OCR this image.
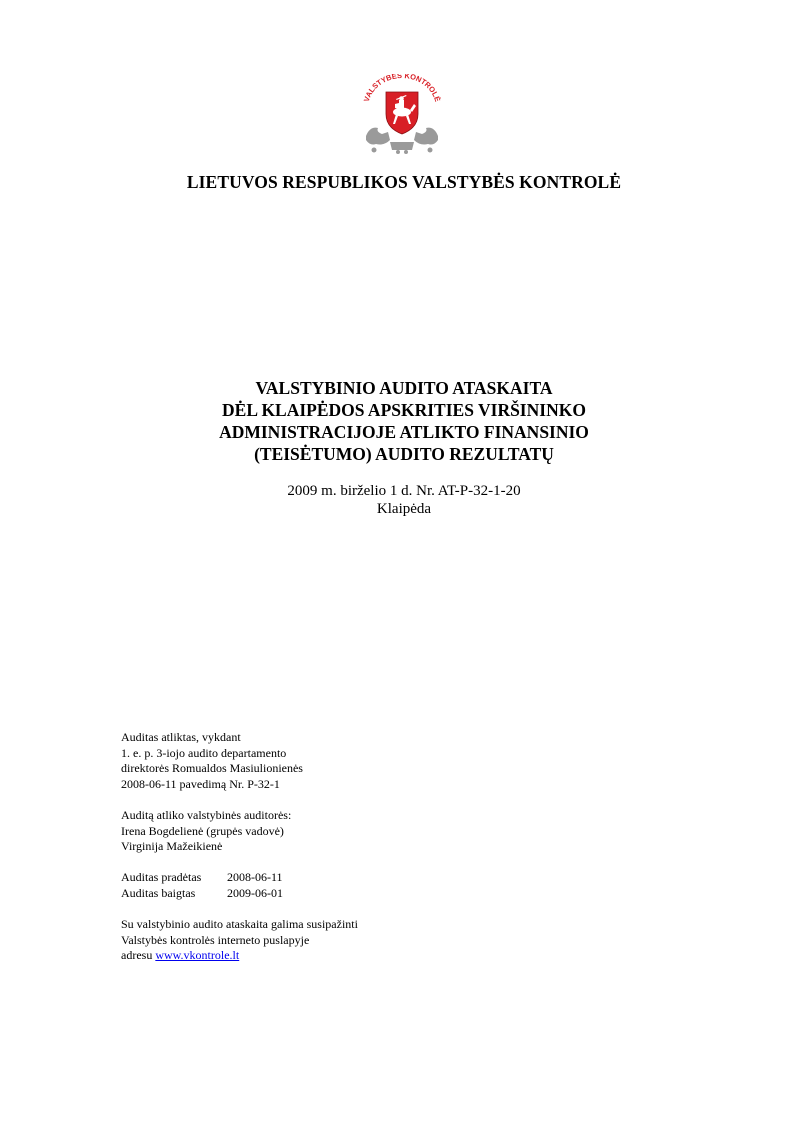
VALSTYBĖS KONTROLĖ
LIETUVOS RESPUBLIKOS VALSTYBĖS KONTROLĖ
VALSTYBINIO AUDITO ATASKAITA
DĖL KLAIPĖDOS APSKRITIES VIRŠININKO
ADMINISTRACIJOJE ATLIKTO FINANSINIO
(TEISĖTUMO) AUDITO REZULTATŲ
2009 m. birželio 1 d. Nr. AT-P-32-1-20
Klaipėda
Auditas atliktas, vykdant
1. e. p. 3-iojo audito departamento
direktorės Romualdos Masiulionienės
2008-06-11 pavedimą Nr. P-32-1
Auditą atliko valstybinės auditorės:
Irena Bogdelienė (grupės vadovė)
Virginija Mažeikienė
Auditas pradėtas 2008-06-11
Auditas baigtas	2009-06-01
Su valstybinio audito ataskaita galima susipažinti
Valstybės kontrolės interneto puslapyje
adresu www.vkontrole.lt
